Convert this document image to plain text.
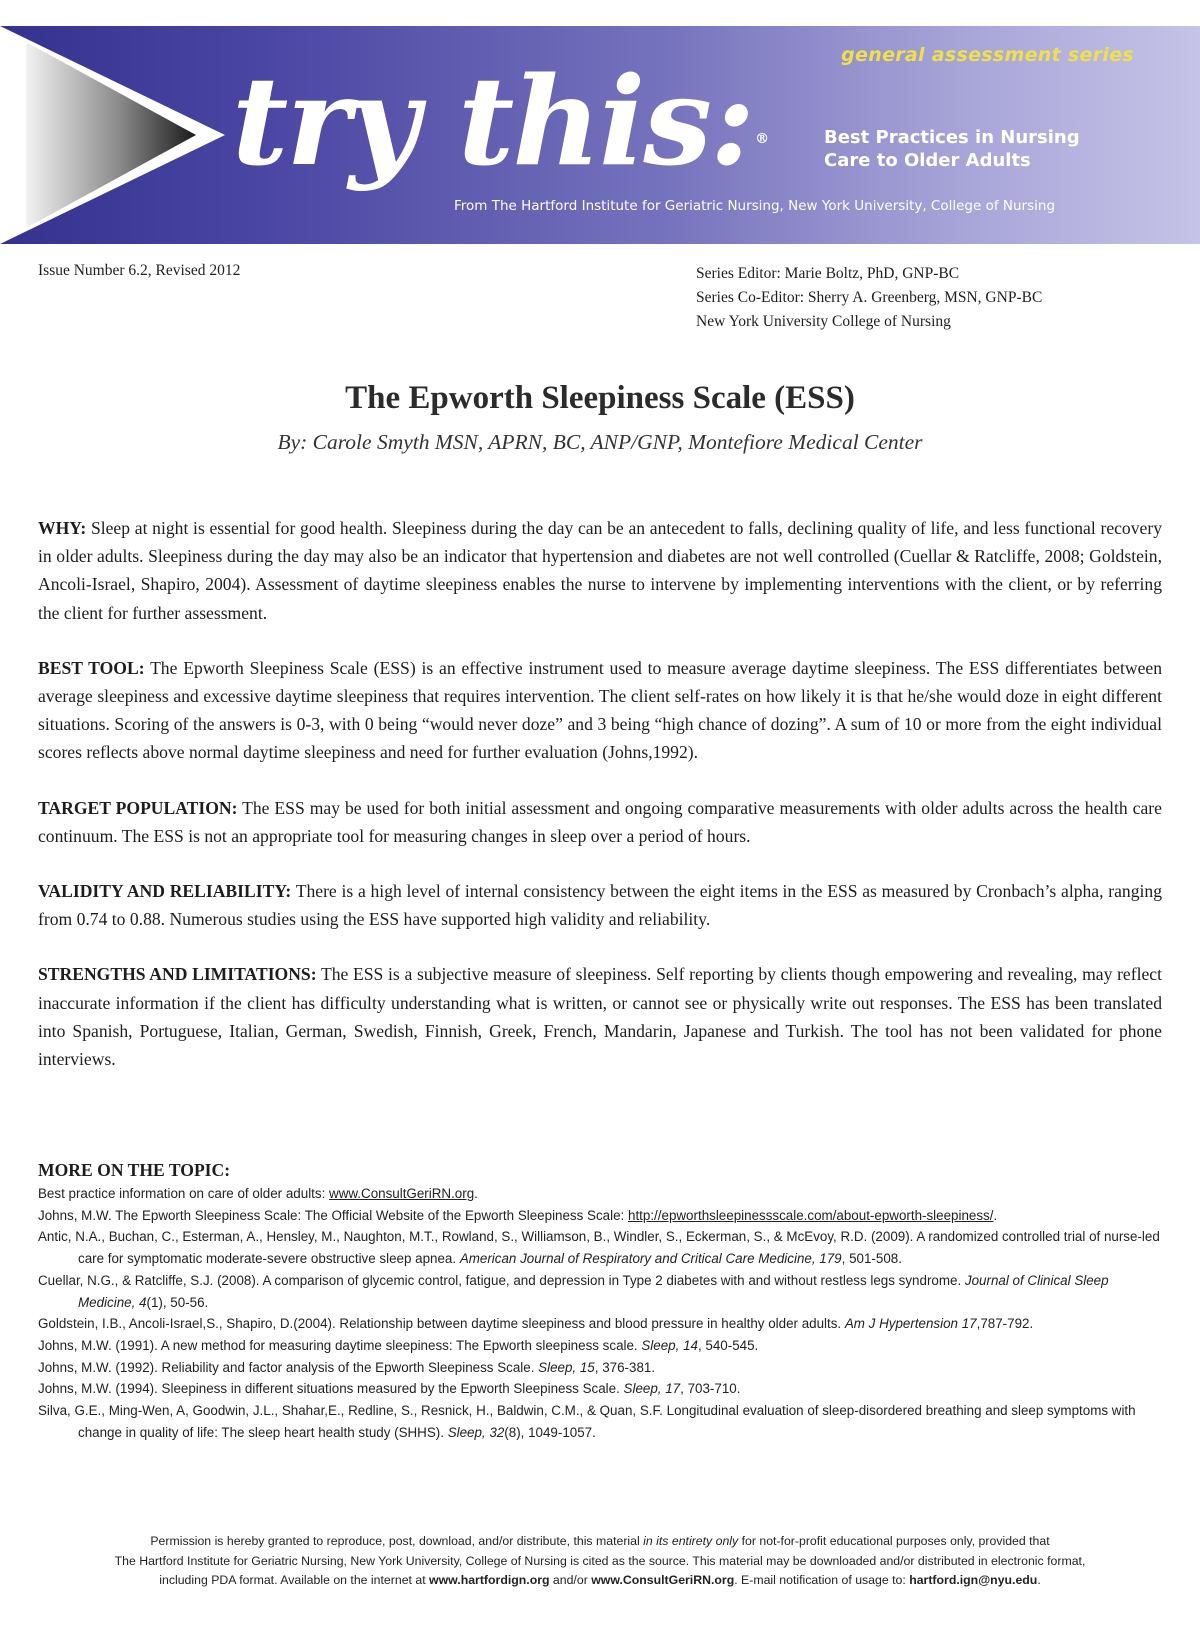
general assessment series
try this: ®	Best Practices in Nursing
Care to Older Adults
From The Hartford Institute for Geriatric Nursing, New York University, College of Nursing
Issue Number 6.2, Revised 2012	Series Editor: Marie Boltz, PhD, GNP-BC
Series Co-Editor: Sherry A. Greenberg, MSN, GNP-BC
New York University College of Nursing
The Epworth Sleepiness Scale (ESS)
By: Carole Smyth MSN, APRN, BC, ANP/GNP, Montefiore Medical Center

WHY: Sleep at night is essential for good health. Sleepiness during the day can be an antecedent to falls, declining quality of life, and less functional recovery in older adults. Sleepiness during the day may also be an indicator that hypertension and diabetes are not well controlled (Cuellar & Ratcliffe, 2008; Goldstein, Ancoli-Israel, Shapiro, 2004). Assessment of daytime sleepiness enables the nurse to intervene by implementing interventions with the client, or by referring the client for further assessment.

BEST TOOL: The Epworth Sleepiness Scale (ESS) is an effective instrument used to measure average daytime sleepiness. The ESS differentiates between average sleepiness and excessive daytime sleepiness that requires intervention. The client self-rates on how likely it is that he/she would doze in eight different situations. Scoring of the answers is 0-3, with 0 being “would never doze” and 3 being “high chance of dozing”. A sum of 10 or more from the eight individual scores reflects above normal daytime sleepiness and need for further evaluation (Johns,1992).

TARGET POPULATION: The ESS may be used for both initial assessment and ongoing comparative measurements with older adults across the health care continuum. The ESS is not an appropriate tool for measuring changes in sleep over a period of hours.

VALIDITY AND RELIABILITY: There is a high level of internal consistency between the eight items in the ESS as measured by Cronbach’s alpha, ranging from 0.74 to 0.88. Numerous studies using the ESS have supported high validity and reliability.

STRENGTHS AND LIMITATIONS: The ESS is a subjective measure of sleepiness. Self reporting by clients though empowering and revealing, may reflect inaccurate information if the client has difficulty understanding what is written, or cannot see or physically write out responses. The ESS has been translated into Spanish, Portuguese, Italian, German, Swedish, Finnish, Greek, French, Mandarin, Japanese and Turkish. The tool has not been validated for phone interviews.

MORE ON THE TOPIC:
Best practice information on care of older adults: www.ConsultGeriRN.org.
Johns, M.W. The Epworth Sleepiness Scale: The Official Website of the Epworth Sleepiness Scale: http://epworthsleepinessscale.com/about-epworth-sleepiness/.
Antic, N.A., Buchan, C., Esterman, A., Hensley, M., Naughton, M.T., Rowland, S., Williamson, B., Windler, S., Eckerman, S., & McEvoy, R.D. (2009). A randomized controlled trial of nurse-led care for symptomatic moderate-severe obstructive sleep apnea. American Journal of Respiratory and Critical Care Medicine, 179, 501-508.
Cuellar, N.G., & Ratcliffe, S.J. (2008). A comparison of glycemic control, fatigue, and depression in Type 2 diabetes with and without restless legs syndrome. Journal of Clinical Sleep Medicine, 4(1), 50-56.
Goldstein, I.B., Ancoli-Israel,S., Shapiro, D.(2004). Relationship between daytime sleepiness and blood pressure in healthy older adults. Am J Hypertension 17,787-792.
Johns, M.W. (1991). A new method for measuring daytime sleepiness: The Epworth sleepiness scale. Sleep, 14, 540-545.
Johns, M.W. (1992). Reliability and factor analysis of the Epworth Sleepiness Scale. Sleep, 15, 376-381.
Johns, M.W. (1994). Sleepiness in different situations measured by the Epworth Sleepiness Scale. Sleep, 17, 703-710.
Silva, G.E., Ming-Wen, A, Goodwin, J.L., Shahar,E., Redline, S., Resnick, H., Baldwin, C.M., & Quan, S.F. Longitudinal evaluation of sleep-disordered breathing and sleep symptoms with change in quality of life: The sleep heart health study (SHHS). Sleep, 32(8), 1049-1057.
Permission is hereby granted to reproduce, post, download, and/or distribute, this material in its entirety only for not-for-profit educational purposes only, provided that
The Hartford Institute for Geriatric Nursing, New York University, College of Nursing is cited as the source. This material may be downloaded and/or distributed in electronic format,
including PDA format. Available on the internet at www.hartfordign.org and/or www.ConsultGeriRN.org. E-mail notification of usage to: hartford.ign@nyu.edu.
